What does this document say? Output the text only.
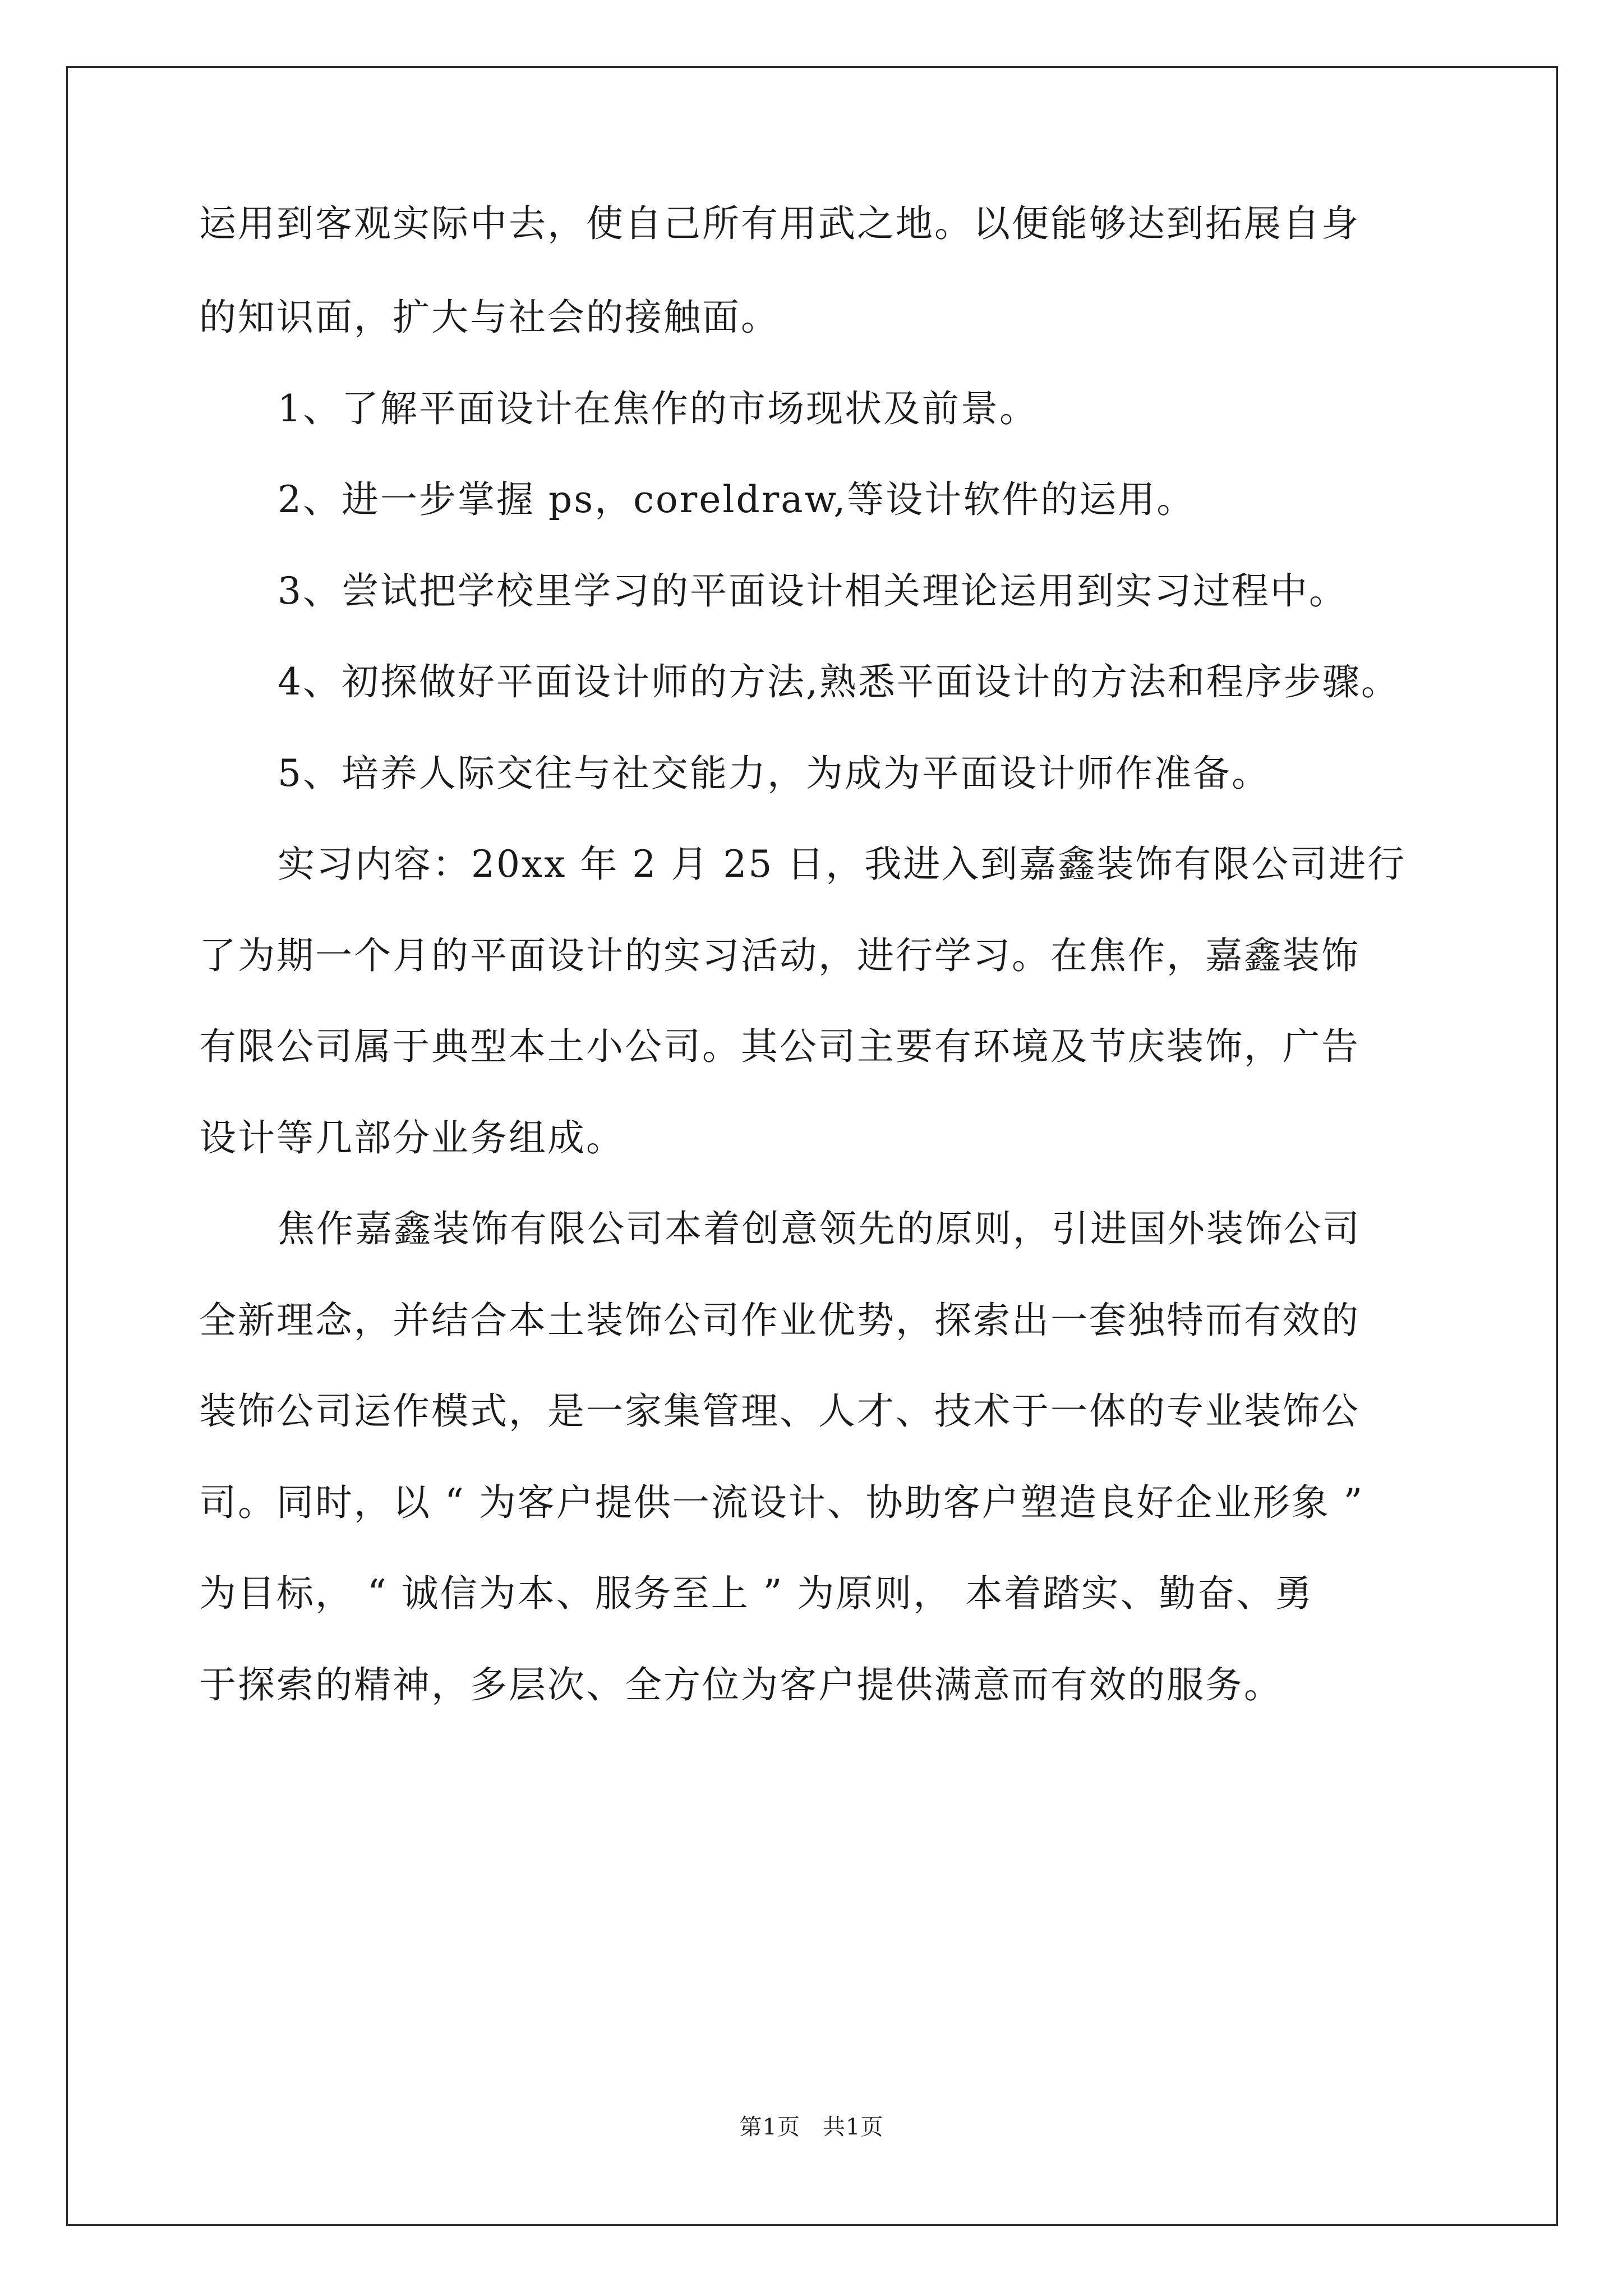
运用到客观实际中去，使自己所有用武之地。以便能够达到拓展自身
的知识面，扩大与社会的接触面。
1、了解平面设计在焦作的市场现状及前景。
2、进一步掌握 ps，coreldraw,等设计软件的运用。
3、尝试把学校里学习的平面设计相关理论运用到实习过程中。
4、初探做好平面设计师的方法,熟悉平面设计的方法和程序步骤。
5、培养人际交往与社交能力，为成为平面设计师作准备。
实习内容：20xx 年 2 月 25 日，我进入到嘉鑫装饰有限公司进行
了为期一个月的平面设计的实习活动，进行学习。在焦作，嘉鑫装饰
有限公司属于典型本土小公司。其公司主要有环境及节庆装饰，广告
设计等几部分业务组成。
焦作嘉鑫装饰有限公司本着创意领先的原则，引进国外装饰公司
全新理念，并结合本土装饰公司作业优势，探索出一套独特而有效的
装饰公司运作模式，是一家集管理、人才、技术于一体的专业装饰公
司。同时，以 “ 为客户提供一流设计、协助客户塑造良好企业形象 ”
为目标， “ 诚信为本、服务至上 ” 为原则， 本着踏实、勤奋、勇
于探索的精神，多层次、全方位为客户提供满意而有效的服务。
第1页 共1页
